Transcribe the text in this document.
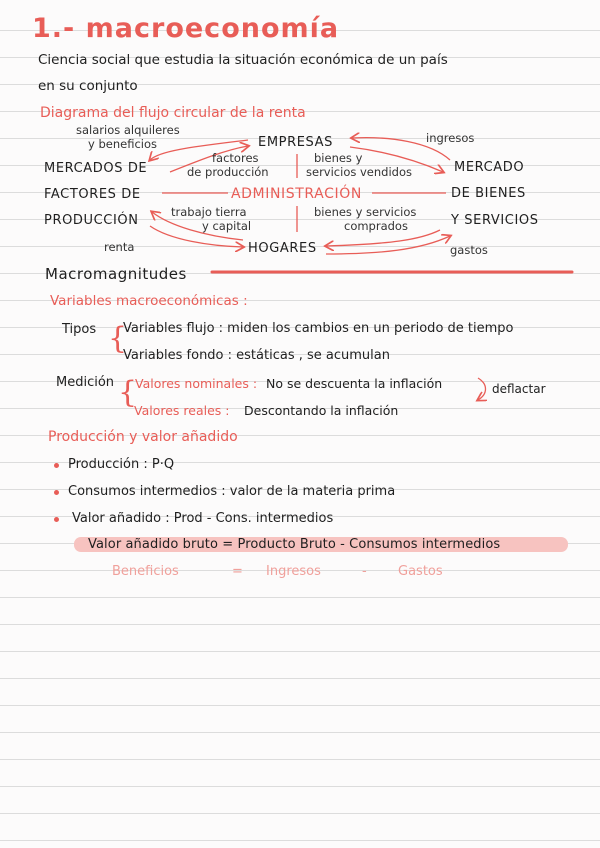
1.- macroeconomía
Ciencia social que estudia la situación económica de un país
en su conjunto
Diagrama del flujo circular de la renta
salarios alquileres
y beneficios	EMPRESAS	ingresos
MERCADOS DE
factores
de producción
bienes y
servicios vendidos	MERCADO
FACTORES DE	ADMINISTRACIÓN	DE BIENES
PRODUCCIÓN
trabajo tierra
y capital
bienes y servicios
comprados	Y SERVICIOS
renta	HOGARES	gastos
Macromagnitudes
Variables macroeconómicas :
Tipos {
Variables flujo : miden los cambios en un periodo de tiempo
Variables fondo : estáticas , se acumulan
Medición {
Valores nominales : No se descuenta la inflación
Valores reales : Descontando la inflación
deflactar
Producción y valor añadido
Producción : P·Q
Consumos intermedios : valor de la materia prima
Valor añadido : Prod - Cons. intermedios
Valor añadido bruto = Producto Bruto - Consumos intermedios
Beneficios	= Ingresos	- Gastos
